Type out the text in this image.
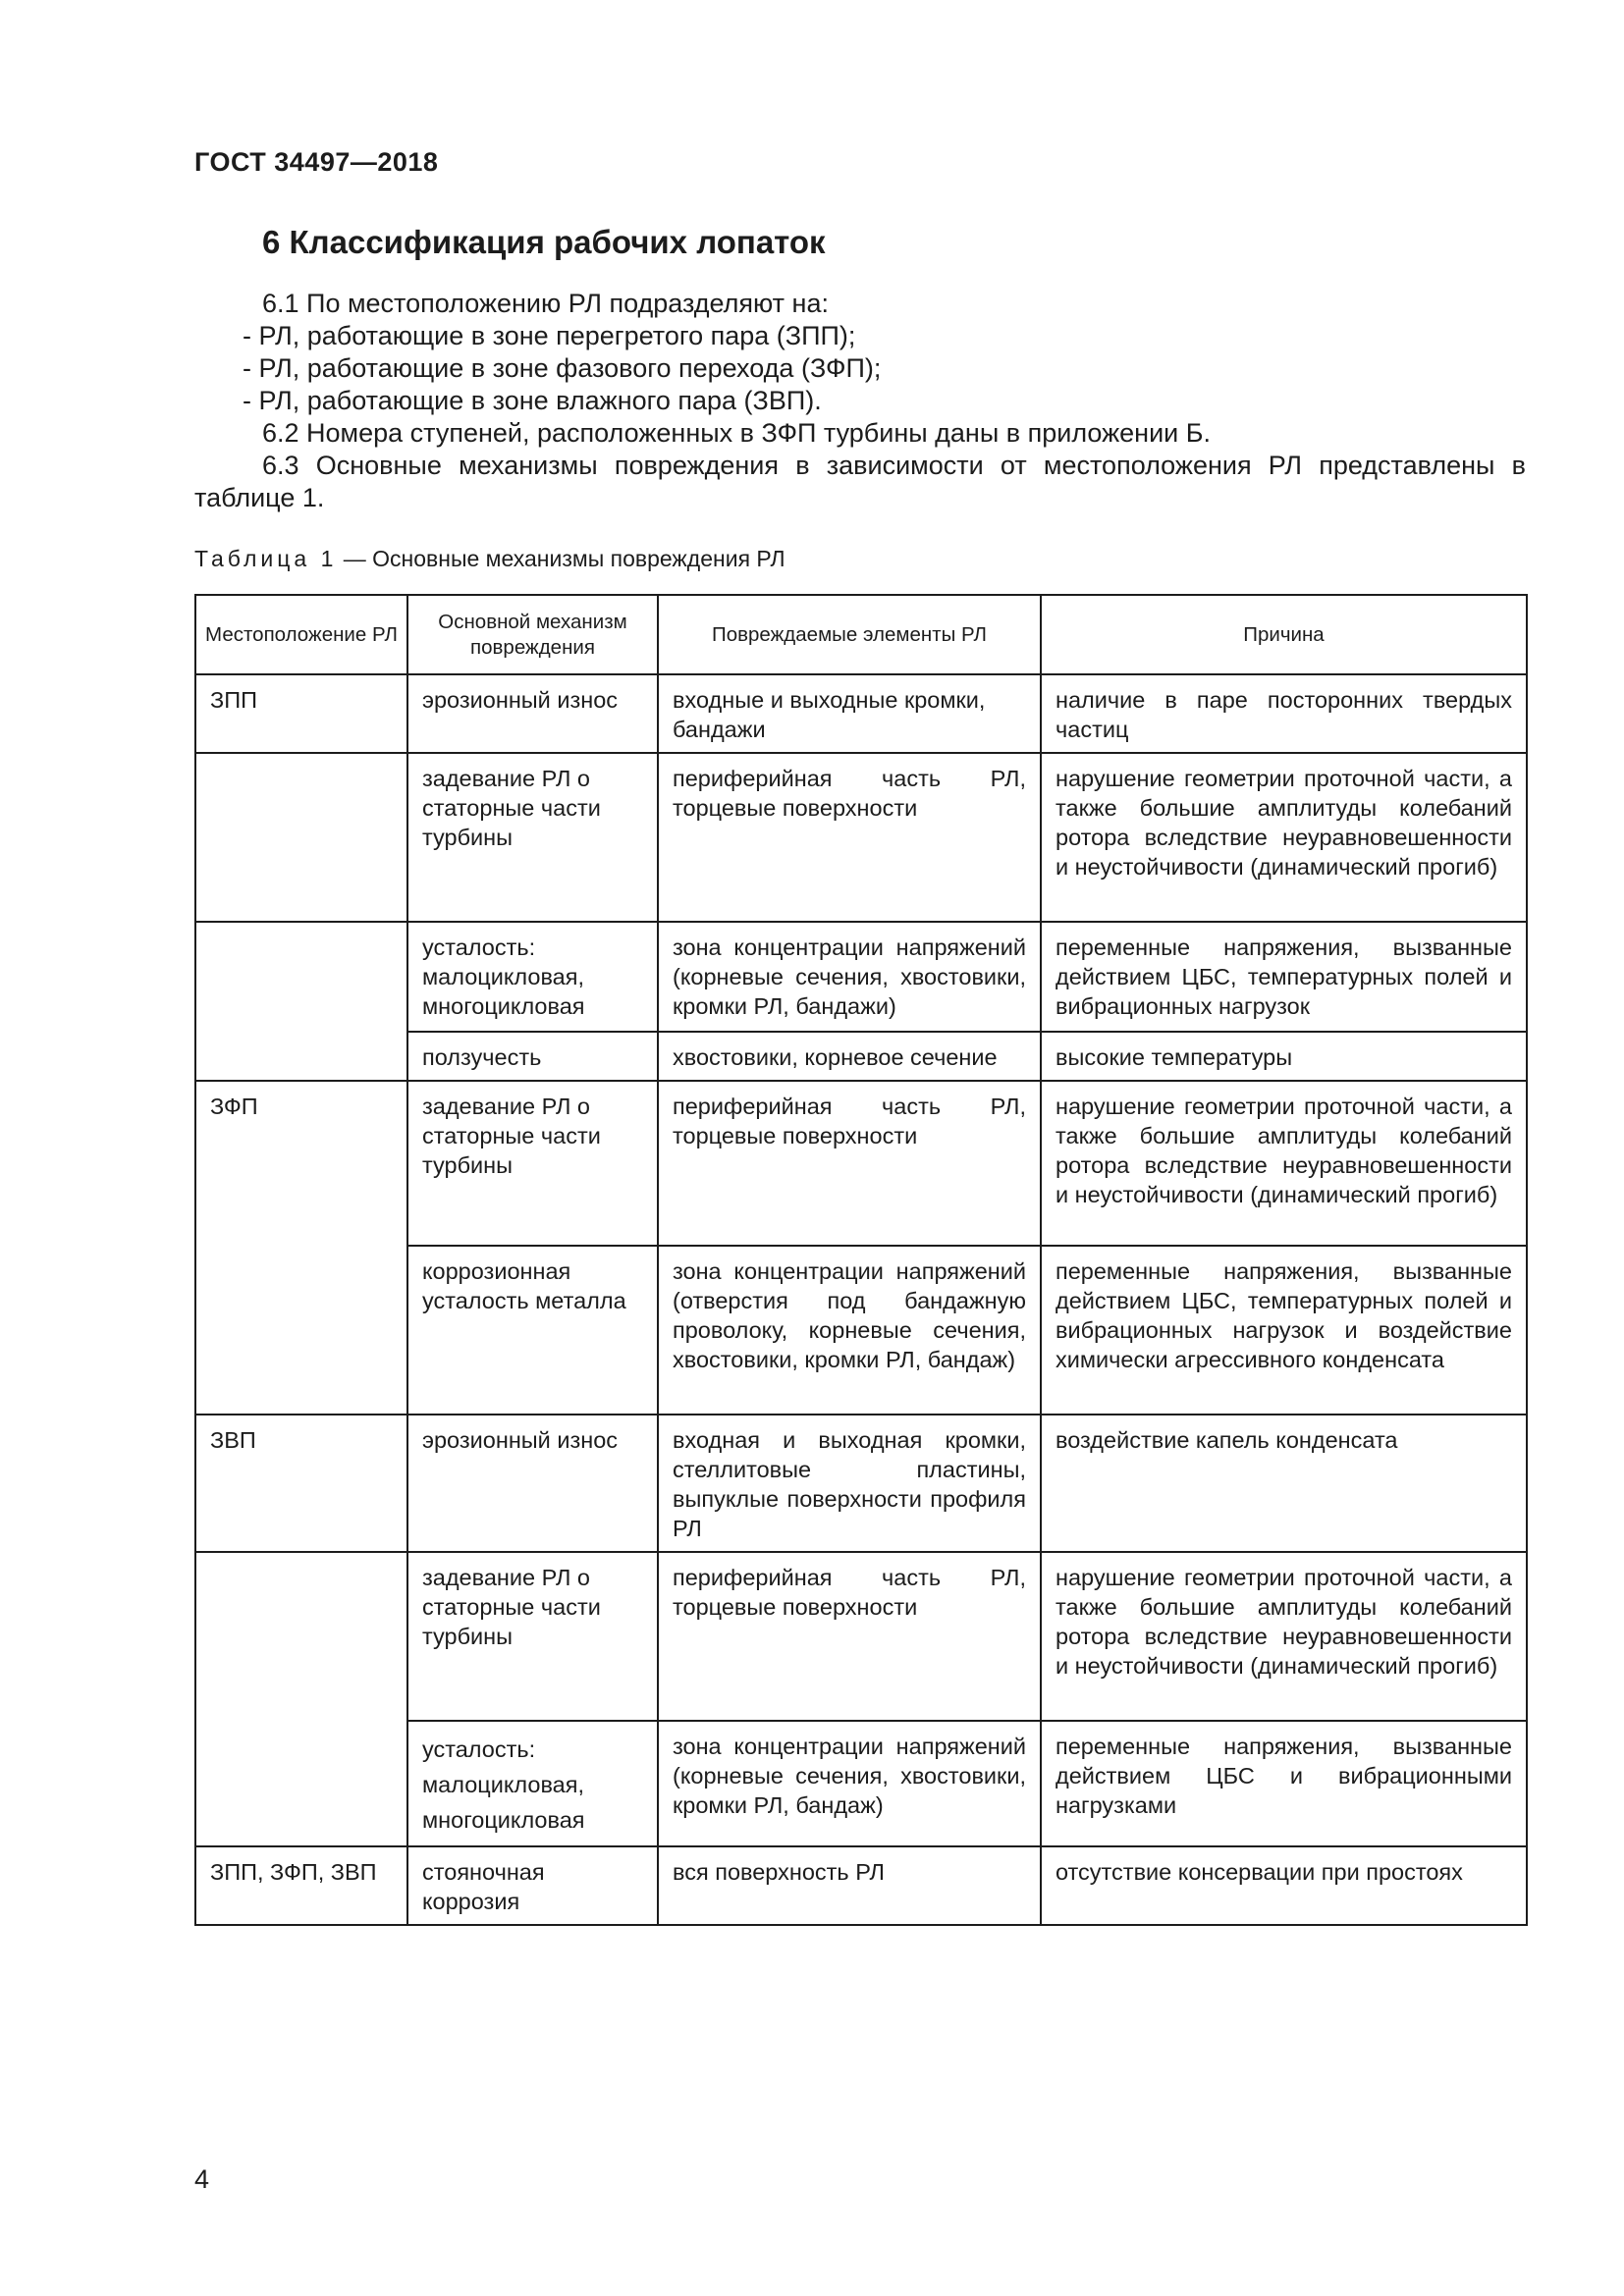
ГОСТ 34497—2018
6 Классификация рабочих лопаток
6.1 По местоположению РЛ подразделяют на:
- РЛ, работающие в зоне перегретого пара (ЗПП);
- РЛ, работающие в зоне фазового перехода (ЗФП);
- РЛ, работающие в зоне влажного пара (ЗВП).
6.2 Номера ступеней, расположенных в ЗФП турбины даны в приложении Б.
6.3 Основные механизмы повреждения в зависимости от местоположения РЛ представлены в
таблице 1.
Таблица 1 — Основные механизмы повреждения РЛ
Местоположение РЛ	Основной механизм повреждения	Повреждаемые элементы РЛ	Причина
ЗПП	эрозионный износ	входные и выходные кромки, бандажи	наличие в паре посторонних твердых частиц
	задевание РЛ о статорные части турбины	периферийная часть РЛ, торцевые поверхности	нарушение геометрии проточной части, а также большие амплитуды колебаний ротора вследствие неуравновешенности и неустойчивости (динамический прогиб)
	усталость: малоцикловая, многоцикловая	зона концентрации напряжений (корневые сечения, хвостовики, кромки РЛ, бандажи)	переменные напряжения, вызванные действием ЦБС, температурных полей и вибрационных нагрузок
	ползучесть	хвостовики, корневое сечение	высокие температуры
ЗФП	задевание РЛ о статорные части турбины	периферийная часть РЛ, торцевые поверхности	нарушение геометрии проточной части, а также большие амплитуды колебаний ротора вследствие неуравновешенности и неустойчивости (динамический прогиб)
	коррозионная усталость металла	зона концентрации напряжений (отверстия под бандажную проволоку, корневые сечения, хвостовики, кромки РЛ, бандаж)	переменные напряжения, вызванные действием ЦБС, температурных полей и вибрационных нагрузок и воздействие химически агрессивного конденсата
ЗВП	эрозионный износ	входная и выходная кромки, стеллитовые пластины, выпуклые поверхности профиля РЛ	воздействие капель конденсата
	задевание РЛ о статорные части турбины	периферийная часть РЛ, торцевые поверхности	нарушение геометрии проточной части, а также большие амплитуды колебаний ротора вследствие неуравновешенности и неустойчивости (динамический прогиб)
	усталость: малоцикловая, многоцикловая	зона концентрации напряжений (корневые сечения, хвостовики, кромки РЛ, бандаж)	переменные напряжения, вызванные действием ЦБС и вибрационными нагрузками
ЗПП, ЗФП, ЗВП	стояночная коррозия	вся поверхность РЛ	отсутствие консервации при простоях
4
